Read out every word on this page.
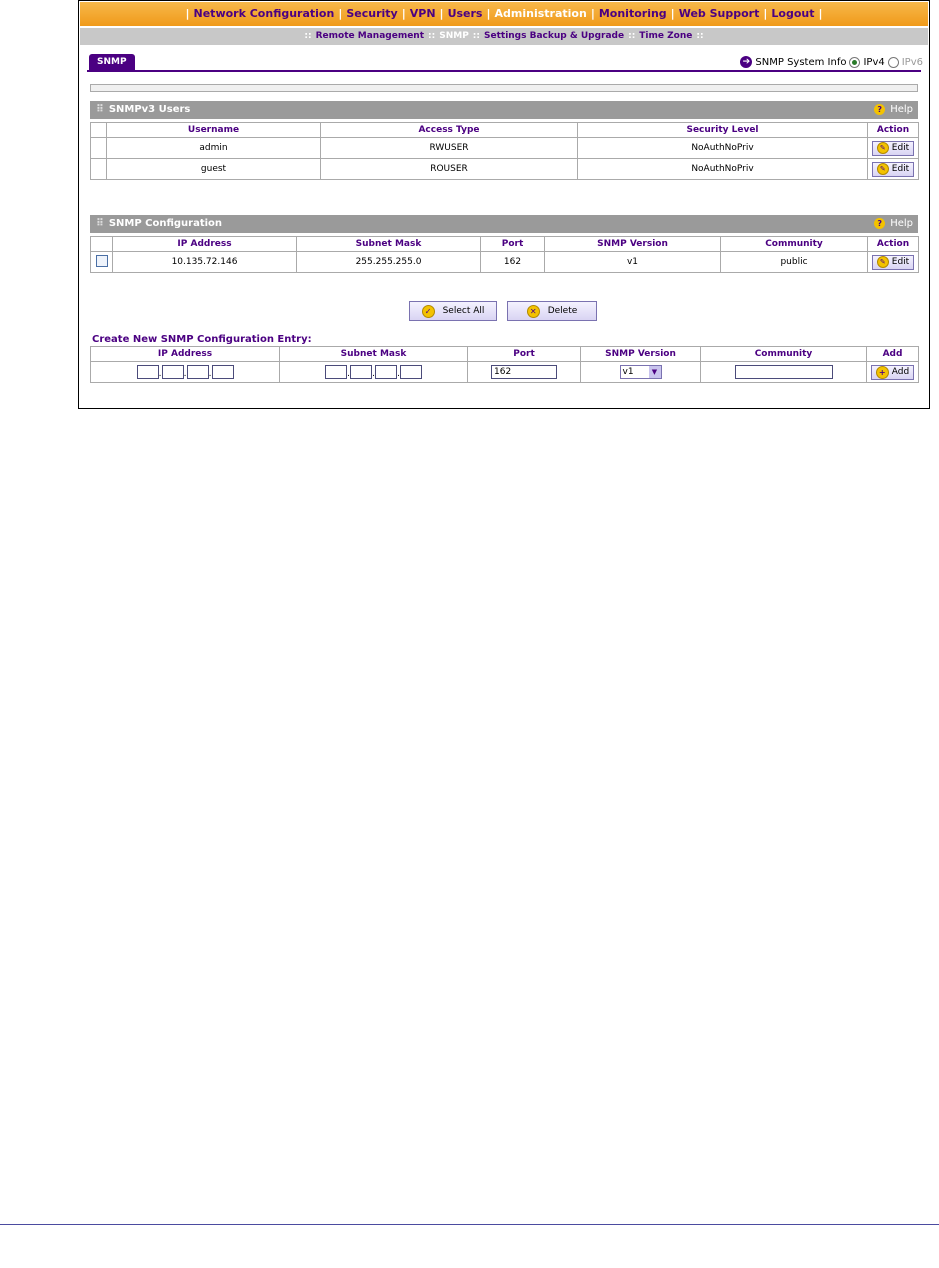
| Network Configuration | Security | VPN | Users | Administration | Monitoring | Web Support | Logout |
:: Remote Management :: SNMP :: Settings Backup & Upgrade :: Time Zone ::
SNMP	➔ SNMP System Info IPv4 IPv6
⠿ SNMPv3 Users	? Help
	Username	Access Type	Security Level	Action
	admin	RWUSER	NoAuthNoPriv	✎ Edit

	guest	ROUSER	NoAuthNoPriv	✎ Edit
⠿ SNMP Configuration	? Help
	IP Address	Subnet Mask	Port	SNMP Version	Community	Action
	10.135.72.146	255.255.255.0	162	v1	public	✎ Edit
✓	Select All	✕	Delete
Create New SNMP Configuration Entry:
IP Address	Subnet Mask	Port	SNMP Version	Community	Add
. . .	. . .	162	v1 ▼		+ Add
